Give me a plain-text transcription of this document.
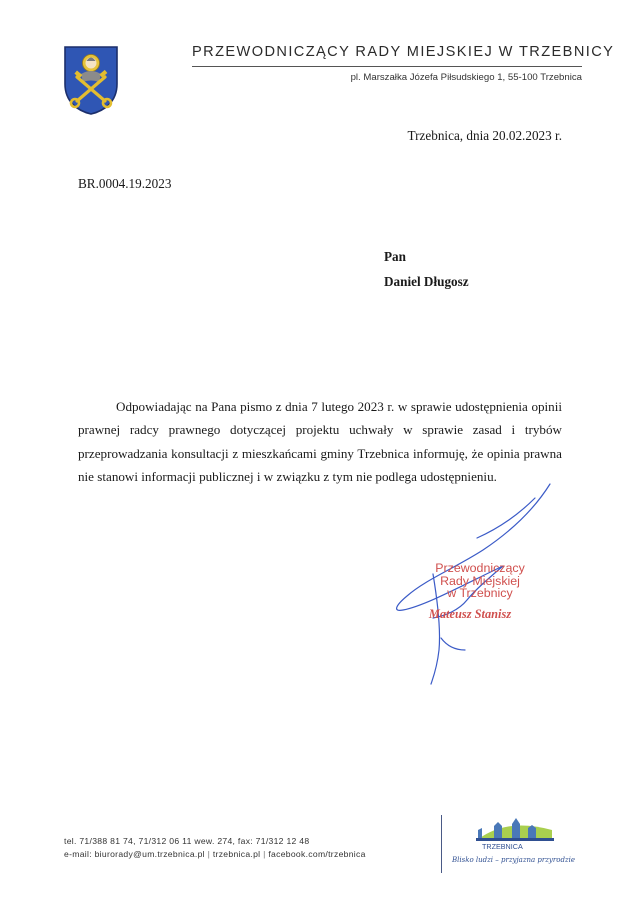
PRZEWODNICZĄCY RADY MIEJSKIEJ W TRZEBNICY
pl. Marszałka Józefa Piłsudskiego 1, 55-100 Trzebnica
Trzebnica, dnia 20.02.2023 r.
BR.0004.19.2023
Pan
Daniel Długosz

Odpowiadając na Pana pismo z dnia 7 lutego 2023 r. w sprawie udostępnienia opinii prawnej radcy prawnego dotyczącej projektu uchwały w sprawie zasad i trybów przeprowadzania konsultacji z mieszkańcami gminy Trzebnica informuję, że opinia prawna nie stanowi informacji publicznej i w związku z tym nie podlega udostępnieniu.

Przewodniczący
Rady Miejskiej
w Trzebnicy
Mateusz Stanisz
tel. 71/388 81 74, 71/312 06 11 wew. 274, fax: 71/312 12 48
e-mail: biurorady@um.trzebnica.pl | trzebnica.pl | facebook.com/trzebnica
TRZEBNICA
Blisko ludzi – przyjazna przyrodzie
